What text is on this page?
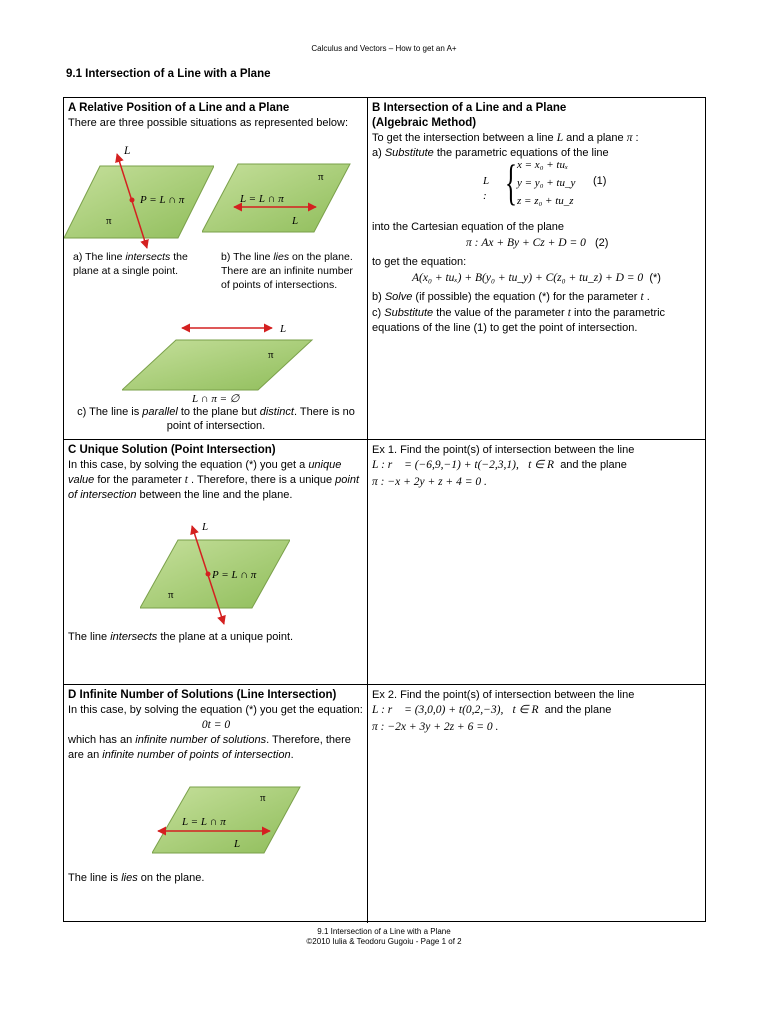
Calculus and Vectors – How to get an A+
9.1 Intersection of a Line with a Plane
A Relative Position of a Line and a Plane
There are three possible situations as represented below:
L
P = L ∩ π
π
π
L = L ∩ π
L
a) The line intersects the plane at a single point.
b) The line lies on the plane. There are an infinite number of points of intersections.
L
π
L ∩ π = ∅
c) The line is parallel to the plane but distinct. There is no point of intersection.
B Intersection of a Line and a Plane
(Algebraic Method)
To get the intersection between a line L and a plane π :
a) Substitute the parametric equations of the line
L : { x = x₀ + tuₓ
y = y₀ + tu_y
z = z₀ + tu_z
(1)
into the Cartesian equation of the plane
π : Ax + By + Cz + D = 0 (2)
to get the equation:
A(x₀ + tuₓ) + B(y₀ + tu_y) + C(z₀ + tu_z) + D = 0 (*)
b) Solve (if possible) the equation (*) for the parameter t .
c) Substitute the value of the parameter t into the parametric equations of the line (1) to get the point of intersection.
C Unique Solution (Point Intersection)
In this case, by solving the equation (*) you get a unique value for the parameter t . Therefore, there is a unique point of intersection between the line and the plane.
L
P = L ∩ π
π
The line intersects the plane at a unique point.
Ex 1. Find the point(s) of intersection between the line
L : r⃗ = (−6,9,−1) + t(−2,3,1), t ∈ R and the plane
π : −x + 2y + z + 4 = 0 .
D Infinite Number of Solutions (Line Intersection)
In this case, by solving the equation (*) you get the equation:
0t = 0
which has an infinite number of solutions. Therefore, there are an infinite number of points of intersection.
π
L = L ∩ π
L
The line is lies on the plane.
Ex 2. Find the point(s) of intersection between the line
L : r⃗ = (3,0,0) + t(0,2,−3), t ∈ R and the plane
π : −2x + 3y + 2z + 6 = 0 .
9.1 Intersection of a Line with a Plane
©2010 Iulia & Teodoru Gugoiu - Page 1 of 2
